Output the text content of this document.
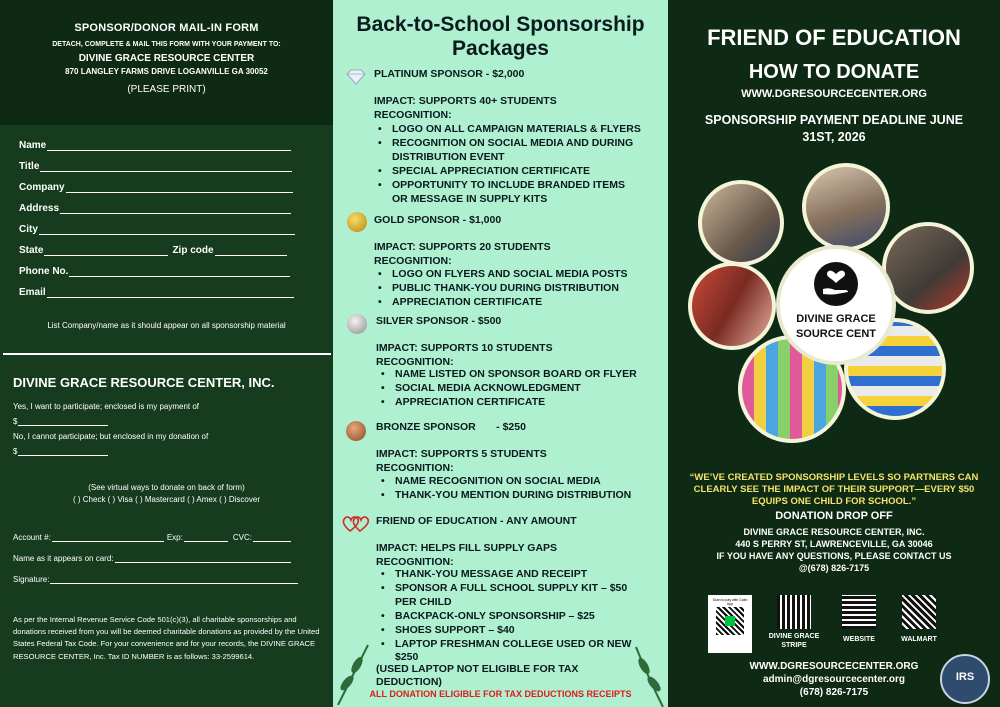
SPONSOR/DONOR MAIL-IN FORM
DETACH, COMPLETE & MAIL THIS FORM WITH YOUR PAYMENT TO:
DIVINE GRACE RESOURCE CENTER
870 LANGLEY FARMS DRIVE LOGANVILLE GA 30052
(PLEASE PRINT)
Name
Title
Company
Address
City
State	Zip code
Phone No.
Email
List Company/name as it should appear on all sponsorship material
DIVINE GRACE RESOURCE CENTER, INC.
Yes, I want to participate; enclosed is my payment of
$
No, I cannot participate; but enclosed in my donation of
$
(See virtual ways to donate on back of form)
( ) Check ( ) Visa ( ) Mastercard ( ) Amex ( ) Discover
Account #:	Exp:	CVC:
Name as it appears on card:
Signature:
As per the Internal Revenue Service Code 501(c)(3), all charitable sponsorships and donations received from you will be deemed charitable donations as provided by the United States Federal Tax Code. For your convenience and for your records, the DIVINE GRACE RESOURCE CENTER, Inc. Tax ID NUMBER is as follows: 33-2599614.
Back-to-School Sponsorship
Packages
PLATINUM SPONSOR - $2,000
IMPACT: SUPPORTS 40+ STUDENTS
RECOGNITION:
• LOGO ON ALL CAMPAIGN MATERIALS & FLYERS
• RECOGNITION ON SOCIAL MEDIA AND DURING
DISTRIBUTION EVENT
• SPECIAL APPRECIATION CERTIFICATE
• OPPORTUNITY TO INCLUDE BRANDED ITEMS
OR MESSAGE IN SUPPLY KITS
GOLD SPONSOR - $1,000
IMPACT: SUPPORTS 20 STUDENTS
RECOGNITION:
• LOGO ON FLYERS AND SOCIAL MEDIA POSTS
• PUBLIC THANK-YOU DURING DISTRIBUTION
• APPRECIATION CERTIFICATE
SILVER SPONSOR - $500
IMPACT: SUPPORTS 10 STUDENTS
RECOGNITION:
• NAME LISTED ON SPONSOR BOARD OR FLYER
• SOCIAL MEDIA ACKNOWLEDGMENT
• APPRECIATION CERTIFICATE
BRONZE SPONSOR       - $250
IMPACT: SUPPORTS 5 STUDENTS
RECOGNITION:
• NAME RECOGNITION ON SOCIAL MEDIA
• THANK-YOU MENTION DURING DISTRIBUTION
FRIEND OF EDUCATION - ANY AMOUNT
IMPACT: HELPS FILL SUPPLY GAPS
RECOGNITION:
• THANK-YOU MESSAGE AND RECEIPT
• SPONSOR A FULL SCHOOL SUPPLY KIT – $50
PER CHILD
• BACKPACK-ONLY SPONSORSHIP – $25
• SHOES SUPPORT – $40
• LAPTOP FRESHMAN COLLEGE USED OR NEW
$250
(USED LAPTOP NOT ELIGIBLE FOR TAX
DEDUCTION)
ALL DONATION ELIGIBLE FOR TAX DEDUCTIONS RECEIPTS
FRIEND OF EDUCATION
HOW TO DONATE
WWW.DGRESOURCECENTER.ORG
SPONSORSHIP PAYMENT DEADLINE JUNE
31ST, 2026
DIVINE GRACE
SOURCE CENT
“WE’VE CREATED SPONSORSHIP LEVELS SO PARTNERS CAN
CLEARLY SEE THE IMPACT OF THEIR SUPPORT—EVERY $50
EQUIPS ONE CHILD FOR SCHOOL.”
DONATION DROP OFF
DIVINE GRACE RESOURCE CENTER, INC.
440 S PERRY ST, LAWRENCEVILLE, GA 30046
IF YOU HAVE ANY QUESTIONS, PLEASE CONTACT US
@(678) 826-7175
Scan to pay with Cash App
DIVINE GRACE STRIPE
WEBSITE	WALMART
WWW.DGRESOURCECENTER.ORG
admin@dgresourcecenter.org
(678) 826-7175
IRS
